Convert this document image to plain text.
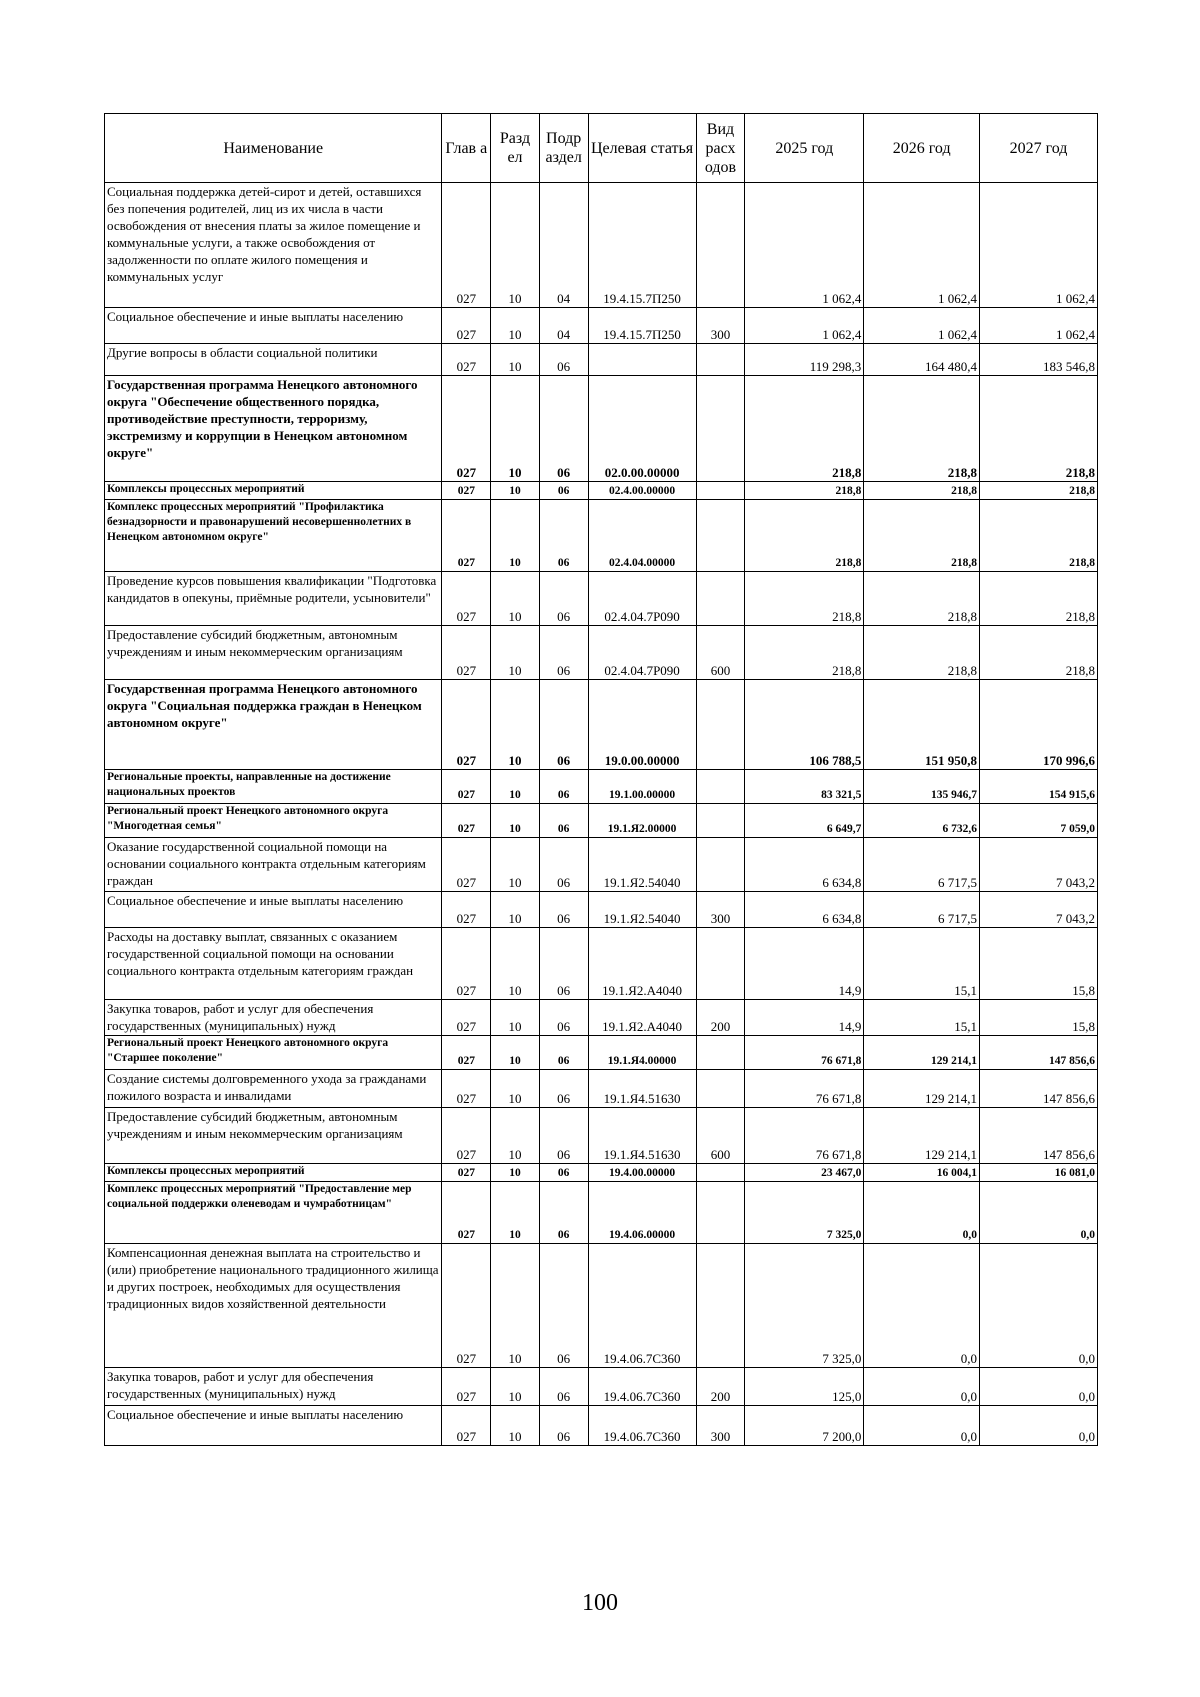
Наименование	Глав а	Разд ел	Подр аздел	Целевая статья	Вид расх одов	2025 год	2026 год	2027 год
Социальная поддержка детей-сирот и детей, оставшихся без попечения родителей, лиц из их числа в части освобождения от внесения платы за жилое помещение и коммунальные услуги, а также освобождения от задолженности по оплате жилого помещения и коммунальных услуг	027	10	04	19.4.15.7П250		1 062,4	1 062,4	1 062,4
Социальное обеспечение и иные выплаты населению	027	10	04	19.4.15.7П250	300	1 062,4	1 062,4	1 062,4
Другие вопросы в области социальной политики	027	10	06			119 298,3	164 480,4	183 546,8
Государственная программа Ненецкого автономного округа "Обеспечение общественного порядка, противодействие преступности, терроризму, экстремизму и коррупции в Ненецком автономном округе"	027	10	06	02.0.00.00000		218,8	218,8	218,8
Комплексы процессных мероприятий	027	10	06	02.4.00.00000		218,8	218,8	218,8
Комплекс процессных мероприятий "Профилактика безнадзорности и правонарушений несовершеннолетних в Ненецком автономном округе"	027	10	06	02.4.04.00000		218,8	218,8	218,8
Проведение курсов повышения квалификации "Подготовка кандидатов в опекуны, приёмные родители, усыновители"	027	10	06	02.4.04.7Р090		218,8	218,8	218,8
Предоставление субсидий бюджетным, автономным учреждениям и иным некоммерческим организациям	027	10	06	02.4.04.7Р090	600	218,8	218,8	218,8
Государственная программа Ненецкого автономного округа "Социальная поддержка граждан в Ненецком автономном округе"	027	10	06	19.0.00.00000		106 788,5	151 950,8	170 996,6
Региональные проекты, направленные на достижение национальных проектов	027	10	06	19.1.00.00000		83 321,5	135 946,7	154 915,6
Региональный проект Ненецкого автономного округа "Многодетная семья"	027	10	06	19.1.Я2.00000		6 649,7	6 732,6	7 059,0
Оказание государственной социальной помощи на основании социального контракта отдельным категориям граждан	027	10	06	19.1.Я2.54040		6 634,8	6 717,5	7 043,2
Социальное обеспечение и иные выплаты населению	027	10	06	19.1.Я2.54040	300	6 634,8	6 717,5	7 043,2
Расходы на доставку выплат, связанных с оказанием государственной социальной помощи на основании социального контракта отдельным категориям граждан	027	10	06	19.1.Я2.А4040		14,9	15,1	15,8
Закупка товаров, работ и услуг для обеспечения государственных (муниципальных) нужд	027	10	06	19.1.Я2.А4040	200	14,9	15,1	15,8
Региональный проект Ненецкого автономного округа "Старшее поколение"	027	10	06	19.1.Я4.00000		76 671,8	129 214,1	147 856,6
Создание системы долговременного ухода за гражданами пожилого возраста и инвалидами	027	10	06	19.1.Я4.51630		76 671,8	129 214,1	147 856,6
Предоставление субсидий бюджетным, автономным учреждениям и иным некоммерческим организациям	027	10	06	19.1.Я4.51630	600	76 671,8	129 214,1	147 856,6
Комплексы процессных мероприятий	027	10	06	19.4.00.00000		23 467,0	16 004,1	16 081,0
Комплекс процессных мероприятий "Предоставление мер социальной поддержки оленеводам и чумработницам"	027	10	06	19.4.06.00000		7 325,0	0,0	0,0
Компенсационная денежная выплата на строительство и (или) приобретение национального традиционного жилища и других построек, необходимых для осуществления традиционных видов хозяйственной деятельности	027	10	06	19.4.06.7С360		7 325,0	0,0	0,0
Закупка товаров, работ и услуг для обеспечения государственных (муниципальных) нужд	027	10	06	19.4.06.7С360	200	125,0	0,0	0,0
Социальное обеспечение и иные выплаты населению	027	10	06	19.4.06.7С360	300	7 200,0	0,0	0,0
100
